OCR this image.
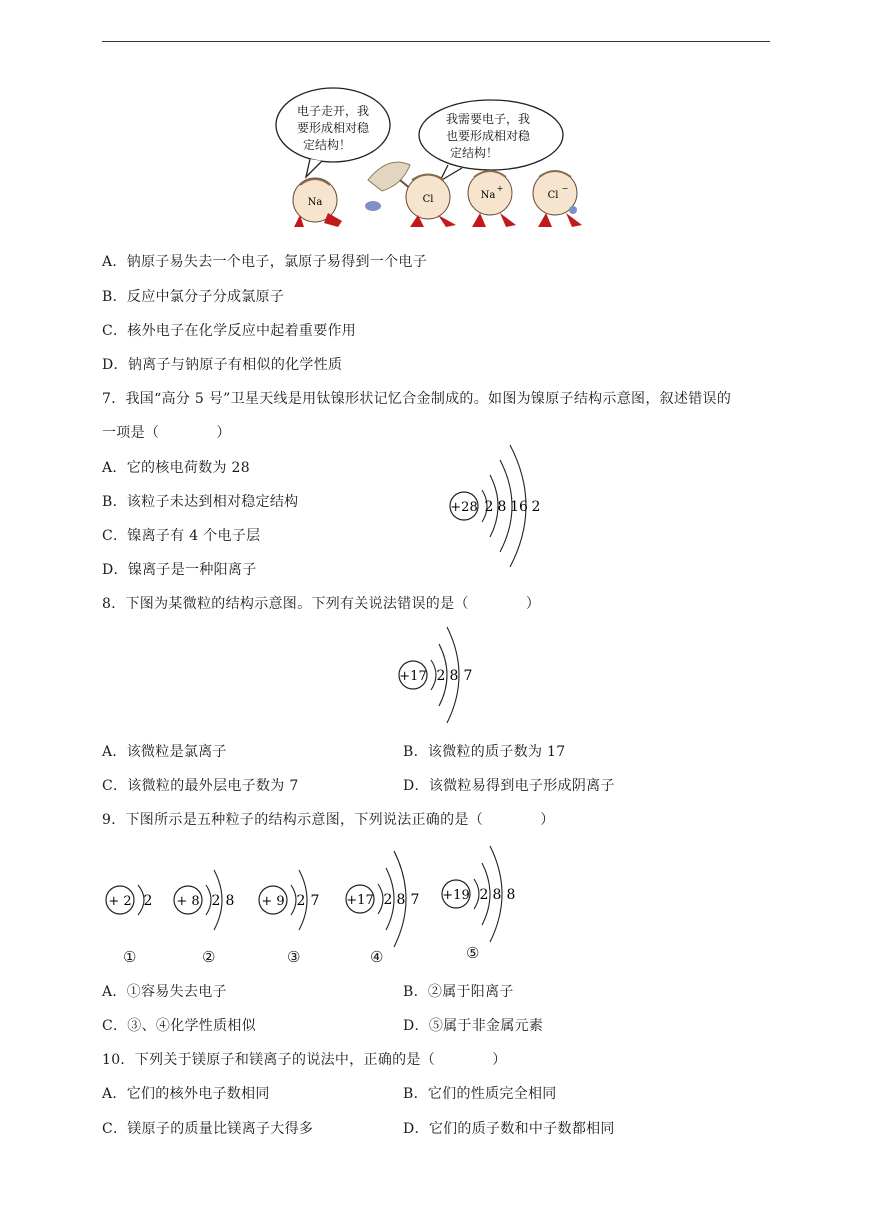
电子走开，我
要形成相对稳
定结构！
我需要电子，我
也要形成相对稳
定结构！
Na	Cl	Na
+
Cl
−
A．钠原子易失去一个电子，氯原子易得到一个电子
B．反应中氯分子分成氯原子
C．核外电子在化学反应中起着重要作用
D．钠离子与钠原子有相似的化学性质
7．我国“高分 5 号”卫星天线是用钛镍形状记忆合金制成的。如图为镍原子结构示意图，叙述错误的
一项是（　　　　）
A．它的核电荷数为 28
B．该粒子未达到相对稳定结构
C．镍离子有 4 个电子层
D．镍离子是一种阳离子
+28 2 8 16 2
8．下图为某微粒的结构示意图。下列有关说法错误的是（　　　　）
+17 2 8 7
A．该微粒是氯离子	B．该微粒的质子数为 17
C．该微粒的最外层电子数为 7	D．该微粒易得到电子形成阴离子
9．下图所示是五种粒子的结构示意图，下列说法正确的是（　　　　）
+ 2 2
①
+ 8 2 8
②
+ 9 2 7
③
+17 2 8 7
④
+19 2 8 8
⑤
A．①容易失去电子	B．②属于阳离子
C．③、④化学性质相似	D．⑤属于非金属元素
10．下列关于镁原子和镁离子的说法中，正确的是（　　　　）
A．它们的核外电子数相同	B．它们的性质完全相同
C．镁原子的质量比镁离子大得多	D．它们的质子数和中子数都相同
